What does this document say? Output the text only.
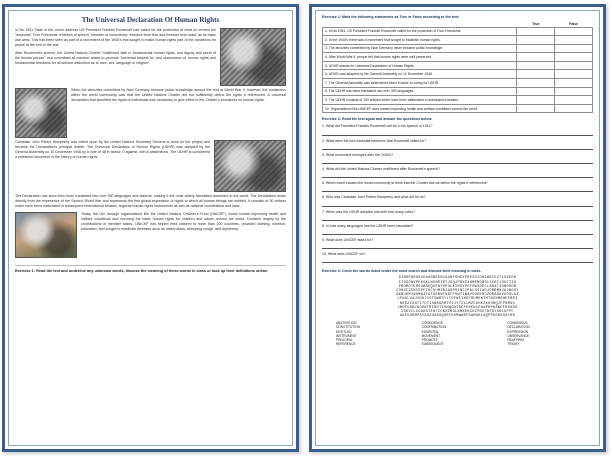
The Universal Declaration Of Human Rights

In his 1941 State of the Union address US President Franklin Roosevelt had called for the protection of what he termed the "essential" Four Freedoms: freedom of speech, freedom of conscience, freedom from fear and freedom from want, as its basic war aims. This has been seen as part of a movement of the 1940's that sought to make human rights part of the conditions for peace at the end of the war.

After Roosevelt's speech, the United Nations Charter "reaffirmed faith in fundamental human rights, and dignity and worth of the human person" and committed all member states to promote "universal respect for, and observance of, human rights and fundamental freedoms for all without distinction as to race, sex, language or religion".

When the atrocities committed by Nazi Germany became public knowledge around the end of World War II, however, the consensus within the world community was that the United Nations Charter did not sufficiently define the rights it referenced. A universal declaration that specified the rights of individuals was necessary to give effect to the Charter's provisions on human rights.

Canadian John Peters Humphrey was called upon by the United Nations Secretary General to work on the project and became the Declaration's principal drafter. The Universal Declaration of Human Rights (UDHR) was adopted by the General Assembly on 10 December 1948 by a vote of 48 in favour, 0 against, with 8 abstentions. The UDHR is considered a milestone document in the history of human rights.

The Declaration has since then been translated into over 350 languages and dialects, making it the most widely translated document in the world. The Declaration arose directly from the experience of the Second World War and represents the first global expression of rights to which all human beings are entitled. It consists of 30 articles which have been elaborated in subsequent international treaties, regional human rights instruments as well as national constitutions and laws.

Today, the UN, through organisations like the United Nations Children's Fund (UNICEF), works toward improving health and welfare conditions and securing the basic human rights for children and adults around the world. Fourteen largely by the contributions of member states, UNICEF has helped feed children in more than 100 countries, provided clothing, nutrition, education, and sought to eradicate diseases such as tuberculosis, whooping cough, and diphtheria.

Exercise 1: Read the text and underline any unknown words, discuss the meaning of these words in class or look up their definitions online.

Exercise 2: Mark the following statements as True or False according to the text:
	True	False
1. In his 1941, US President Franklin Roosevelt called for the protection of Four Freedoms.		
2. In the 1940's there was a movement that sought to establish human rights.		
3. The atrocities committed by Nazi Germany never became public knowledge.		
4. After World War II, people felt that human rights were well preserved.		
5. UDHR stands for Universal Declaration of Human Rights.		
6. UDHR was adopted by the General Assembly on 10 December 1948.		
7. The General Assembly was determined when it came to voting for UDHR.		
8. The UDHR has been translated into over 350 languages.		
9. The UDHR consists of 100 articles which have been elaborated in subsequent treaties.		
10. Organisations like UNICEF work toward improving health and welfare conditions around the world.		
Exercise 3: Read the text again and answer the questions below:
1. What did President Franklin Roosevelt call for in his speech in 1941?
2. What were the four essential freedoms that Roosevelt called for?
3. What movement emerged after the 1940's?
4. What did the United Nations Charter reaffirmed after Roosevelt's speech?
5. Which event caused the world community to think that the Charter did not define the rights it referenced?
6. Who was Canadian John Peters Humphrey and what did he do?
7. When was the UDHR adopted and with how many votes?
8. In how many languages has the UDHR been translated?
9. What does UNICEF stand for?
10. What does UNICEF do?
Exercise 4: Circle the words listed under the word search and discuss their meaning in class.
DJMSPARGKVDAGSBEENCAXNPSHEXPRESSIONIWRIEZYLXXEON
ITOSONVPPXGKLNONSIRTJDQJPBXEXHMRNGBSCJXATJSUCTIG
PROMOTERSUBSEQUENTSPOLKIRUYPOYOWVDECLARATIONODOM
CONSCIENCEPFZOCXUMIRJADPRINCIPALHYIADJCMBMAVAJNOGY
GKBUDMJNSMWIFATGENNTNSFPOWTIBAVDDEERCZDRAGUVXOXLGJ
LFNXLVAJVGKJYGTGWRSYLTOFWIINSTRUMENTMTRZNMRHEFBRI
NRDZCONTITUTIONRGRHTVIJYTZLLMZCXHEZXHORQJFPNRSO
JMOFUDKZGODNTRIBUTIONQDAIREFERENCEHAPNPNZWDFKSODU
CDKVCLUGAKSTENTIONZZMGLAMXEKZHZPNOTBTGYSRLUFPC
AKEGORMPAYSUZUNSXQDEFGOMWWRFRAMDKLAQPPUDOKGSYHR
ABSTENTION	CONSCIENCE	CONSENSUS
CONSTITUTION	CONTRIBUTION	DECLARATION
ENTITLED	ESSENTIAL	EXPRESSION
INSTRUMENT	MOVEMENT	OBSERVANCE
PRINCIPAL	PROMOTE	REAFFIRM
REFERENCE	SUBSEQUENT	TREATY
